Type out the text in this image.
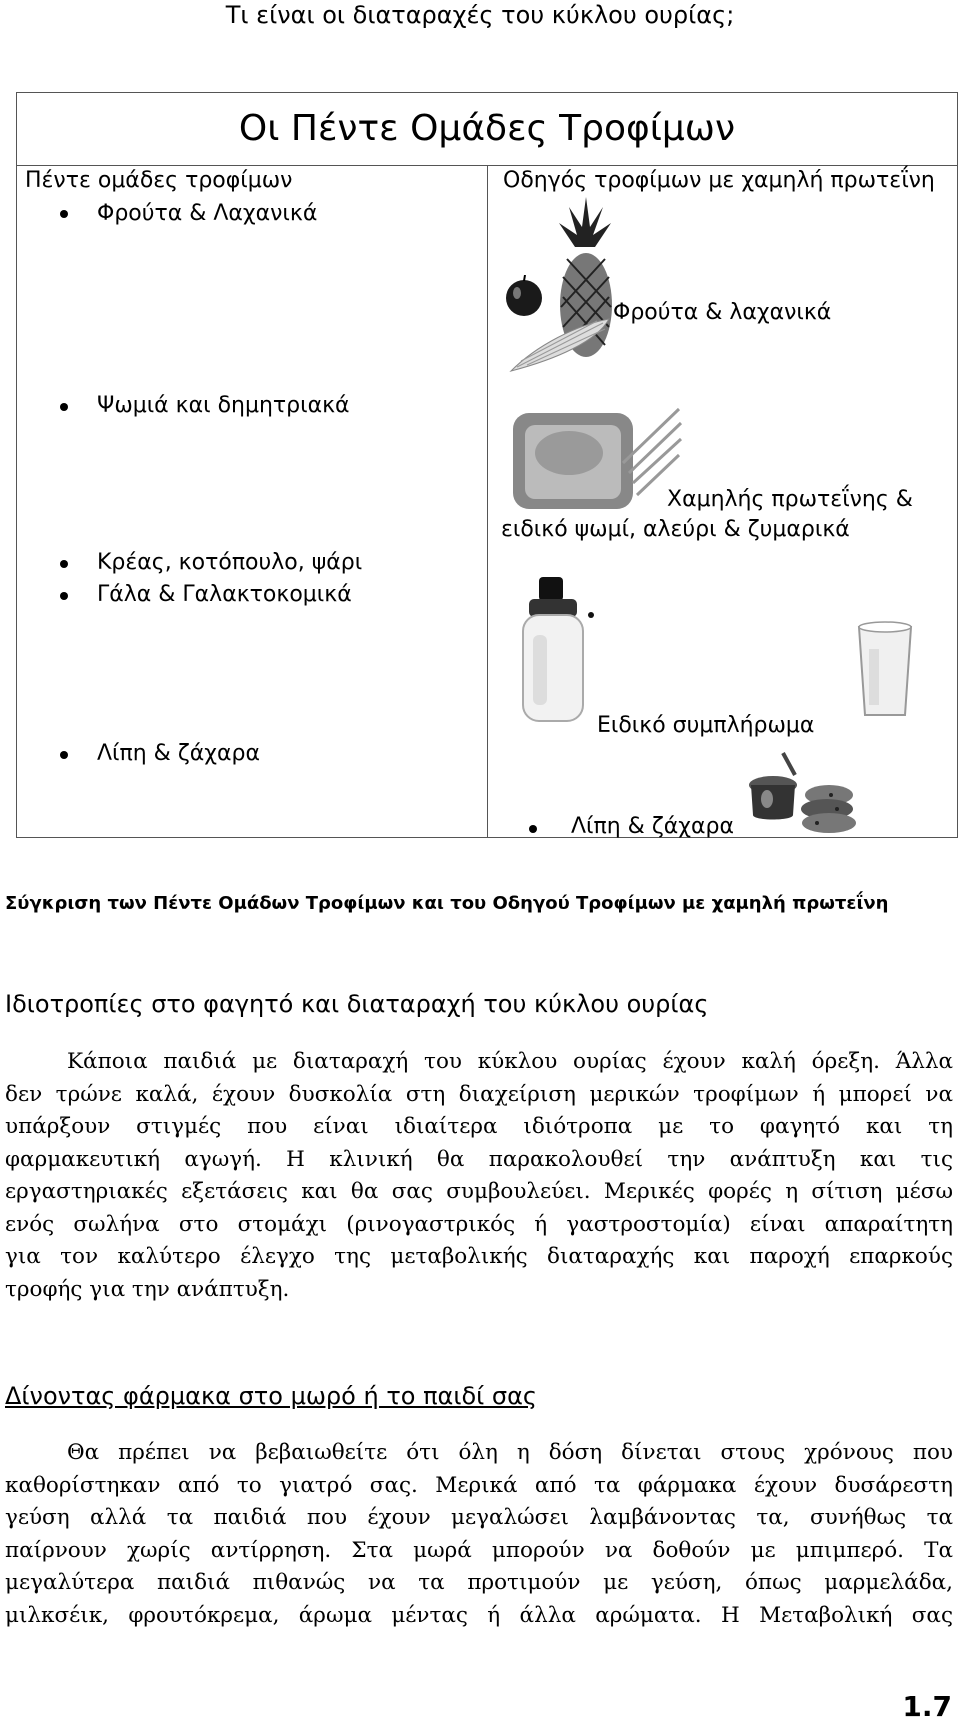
Τι είναι οι διαταραχές του κύκλου ουρίας;
Οι Πέντε Ομάδες Τροφίμων
Πέντε ομάδες τροφίμων
Φρούτα & Λαχανικά
Ψωμιά και δημητριακά
Κρέας, κοτόπουλο, ψάρι
Γάλα & Γαλακτοκομικά
Λίπη & ζάχαρα
Οδηγός τροφίμων με χαμηλή πρωτεΐνη
Φρούτα & λαχανικά
Χαμηλής πρωτεΐνης &
ειδικό ψωμί, αλεύρι & ζυμαρικά
Ειδικό συμπλήρωμα
Λίπη & ζάχαρα
Σύγκριση των Πέντε Ομάδων Τροφίμων και του Οδηγού Τροφίμων με χαμηλή πρωτεΐνη
Ιδιοτροπίες στο φαγητό και διαταραχή του κύκλου ουρίας
Κάποια παιδιά με διαταραχή του κύκλου ουρίας έχουν καλή όρεξη. Άλλα
δεν τρώνε καλά, έχουν δυσκολία στη διαχείριση μερικών τροφίμων ή μπορεί να
υπάρξουν στιγμές που είναι ιδιαίτερα ιδιότροπα με το φαγητό και τη
φαρμακευτική αγωγή. Η κλινική θα παρακολουθεί την ανάπτυξη και τις
εργαστηριακές εξετάσεις και θα σας συμβουλεύει. Μερικές φορές η σίτιση μέσω
ενός σωλήνα στο στομάχι (ρινογαστρικός ή γαστροστομία) είναι απαραίτητη
για τον καλύτερο έλεγχο της μεταβολικής διαταραχής και παροχή επαρκούς
τροφής για την ανάπτυξη.
Δίνοντας φάρμακα στο μωρό ή το παιδί σας
Θα πρέπει να βεβαιωθείτε ότι όλη η δόση δίνεται στους χρόνους που
καθορίστηκαν από το γιατρό σας. Μερικά από τα φάρμακα έχουν δυσάρεστη
γεύση αλλά τα παιδιά που έχουν μεγαλώσει λαμβάνοντας τα, συνήθως τα
παίρνουν χωρίς αντίρρηση. Στα μωρά μπορούν να δοθούν με μπιμπερό. Τα
μεγαλύτερα παιδιά πιθανώς να τα προτιμούν με γεύση, όπως μαρμελάδα,
μιλκσέικ, φρουτόκρεμα, άρωμα μέντας ή άλλα αρώματα. Η Μεταβολική σας
1.7
